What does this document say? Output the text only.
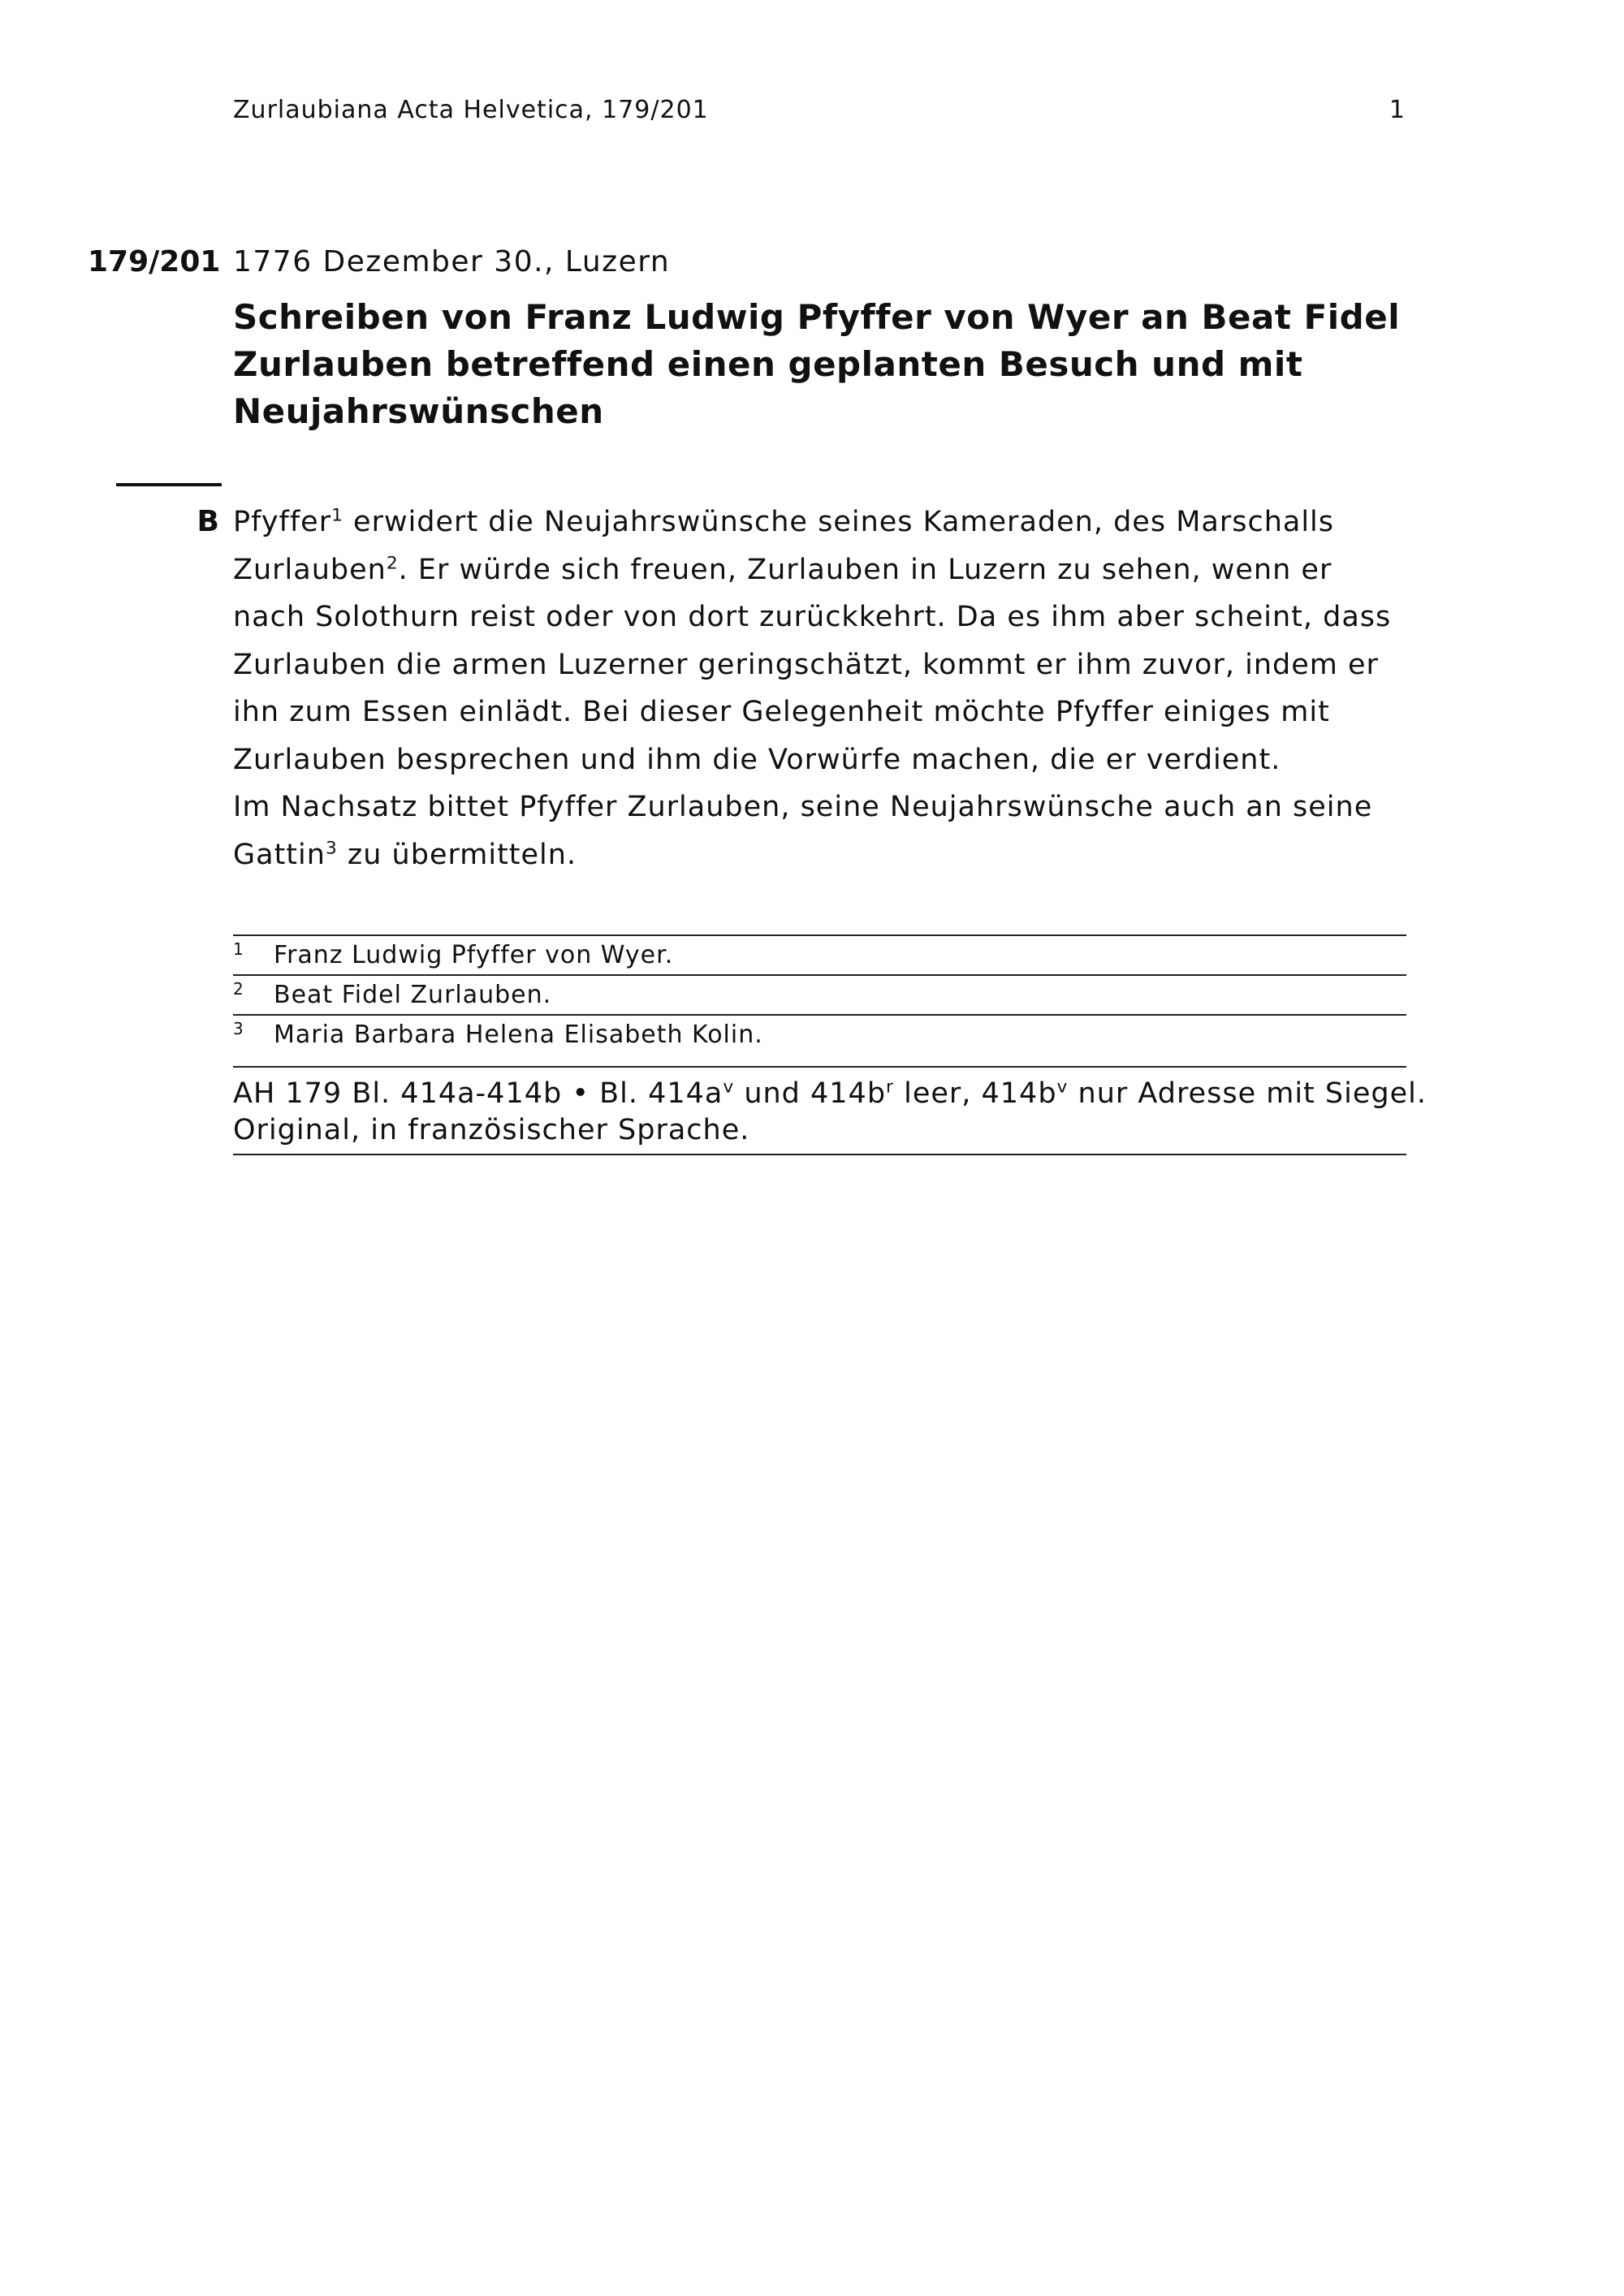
Zurlaubiana Acta Helvetica, 179/201	1
179/201 1776 Dezember 30., Luzern
Schreiben von Franz Ludwig Pfyffer von Wyer an Beat Fidel Zurlauben betreffend einen geplanten Besuch und mit Neujahrswünschen
B Pfyffer$^1$ erwidert die Neujahrswünsche seines Kameraden, des Marschalls Zurlauben$^2$. Er würde sich freuen, Zurlauben in Luzern zu sehen, wenn er nach Solothurn reist oder von dort zurückkehrt. Da es ihm aber scheint, dass Zurlauben die armen Luzerner geringschätzt, kommt er ihm zuvor, indem er ihn zum Essen einlädt. Bei dieser Gelegenheit möchte Pfyffer einiges mit Zurlauben besprechen und ihm die Vorwürfe machen, die er verdient.

Im Nachsatz bittet Pfyffer Zurlauben, seine Neujahrswünsche auch an seine Gattin$^3$ zu übermitteln.

1	Franz Ludwig Pfyffer von Wyer.
2	Beat Fidel Zurlauben.
3	Maria Barbara Helena Elisabeth Kolin.
AH 179 Bl. 414a-414b • Bl. $414a^v$ und $414b^r$ leer, $414b^v$ nur Adresse mit Siegel.
Original, in französischer Sprache.
